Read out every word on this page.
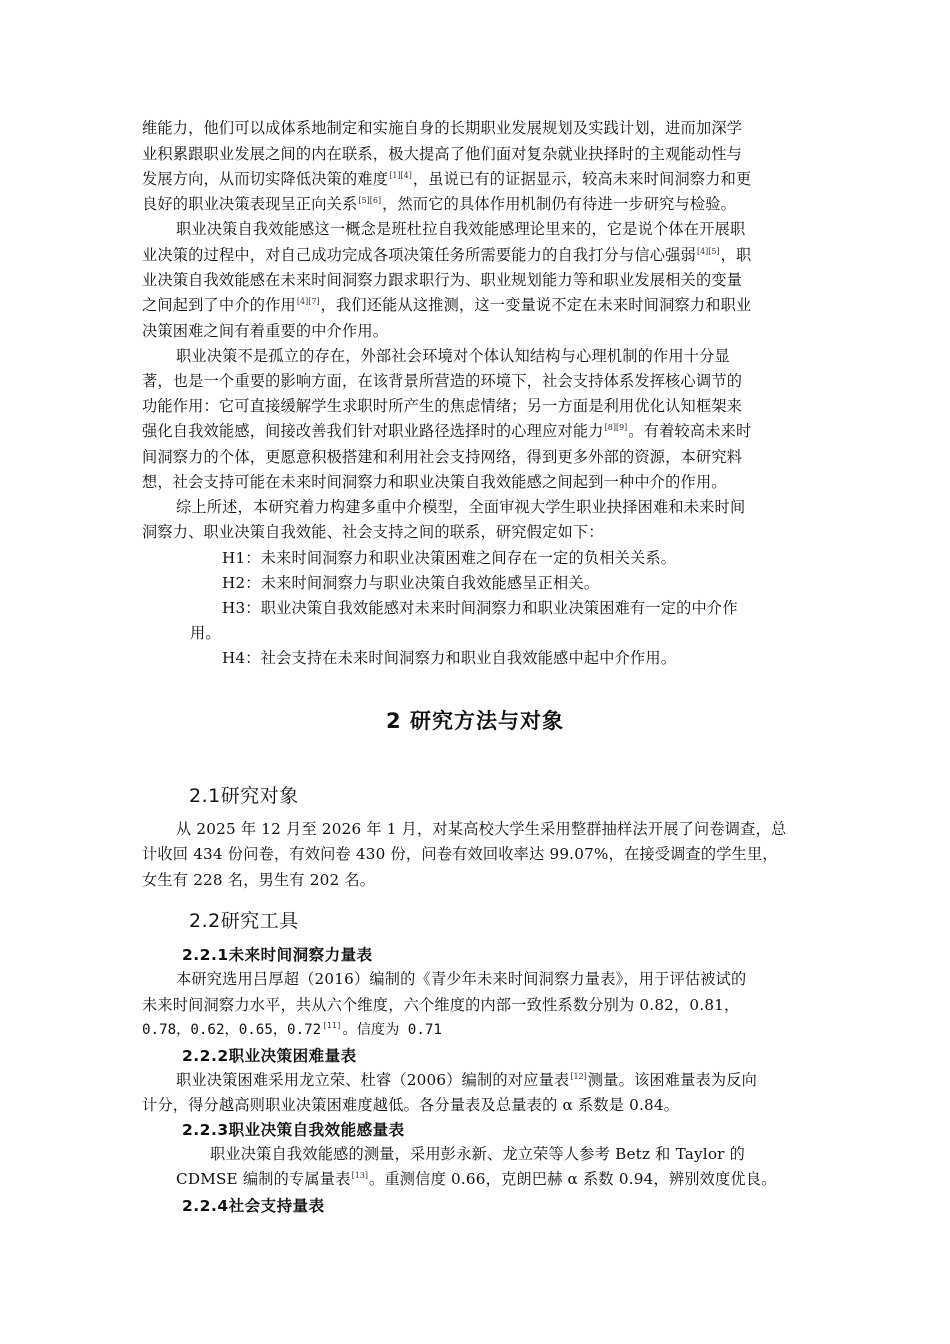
维能力，他们可以成体系地制定和实施自身的长期职业发展规划及实践计划，进而加深学
业积累跟职业发展之间的内在联系，极大提高了他们面对复杂就业抉择时的主观能动性与
发展方向，从而切实降低决策的难度[1][4]，虽说已有的证据显示，较高未来时间洞察力和更
良好的职业决策表现呈正向关系[5][6]，然而它的具体作用机制仍有待进一步研究与检验。
职业决策自我效能感这一概念是班杜拉自我效能感理论里来的，它是说个体在开展职
业决策的过程中，对自己成功完成各项决策任务所需要能力的自我打分与信心强弱[4][5]，职
业决策自我效能感在未来时间洞察力跟求职行为、职业规划能力等和职业发展相关的变量
之间起到了中介的作用[4][7]，我们还能从这推测，这一变量说不定在未来时间洞察力和职业
决策困难之间有着重要的中介作用。
职业决策不是孤立的存在，外部社会环境对个体认知结构与心理机制的作用十分显
著，也是一个重要的影响方面，在该背景所营造的环境下，社会支持体系发挥核心调节的
功能作用：它可直接缓解学生求职时所产生的焦虑情绪；另一方面是利用优化认知框架来
强化自我效能感，间接改善我们针对职业路径选择时的心理应对能力[8][9]。有着较高未来时
间洞察力的个体，更愿意积极搭建和利用社会支持网络，得到更多外部的资源，本研究料
想，社会支持可能在未来时间洞察力和职业决策自我效能感之间起到一种中介的作用。
综上所述，本研究着力构建多重中介模型，全面审视大学生职业抉择困难和未来时间
洞察力、职业决策自我效能、社会支持之间的联系，研究假定如下：
H1：未来时间洞察力和职业决策困难之间存在一定的负相关关系。
H2：未来时间洞察力与职业决策自我效能感呈正相关。
H3：职业决策自我效能感对未来时间洞察力和职业决策困难有一定的中介作
用。
H4：社会支持在未来时间洞察力和职业自我效能感中起中介作用。
2 研究方法与对象
2.1研究对象
从 2025 年 12 月至 2026 年 1 月，对某高校大学生采用整群抽样法开展了问卷调查，总
计收回 434 份问卷，有效问卷 430 份，问卷有效回收率达 99.07%，在接受调查的学生里，
女生有 228 名，男生有 202 名。
2.2研究工具
2.2.1未来时间洞察力量表
本研究选用吕厚超（2016）编制的《青少年未来时间洞察力量表》，用于评估被试的
未来时间洞察力水平，共从六个维度，六个维度的内部一致性系数分别为 0.82，0.81，
0.78，0.62，0.65，0.72[11]。信度为 0.71
2.2.2职业决策困难量表
职业决策困难采用龙立荣、杜睿（2006）编制的对应量表[12]测量。该困难量表为反向
计分，得分越高则职业决策困难度越低。各分量表及总量表的 α 系数是 0.84。
2.2.3职业决策自我效能感量表
职业决策自我效能感的测量，采用彭永新、龙立荣等人参考 Betz 和 Taylor 的
CDMSE 编制的专属量表[13]。重测信度 0.66，克朗巴赫 α 系数 0.94，辨别效度优良。
2.2.4社会支持量表
